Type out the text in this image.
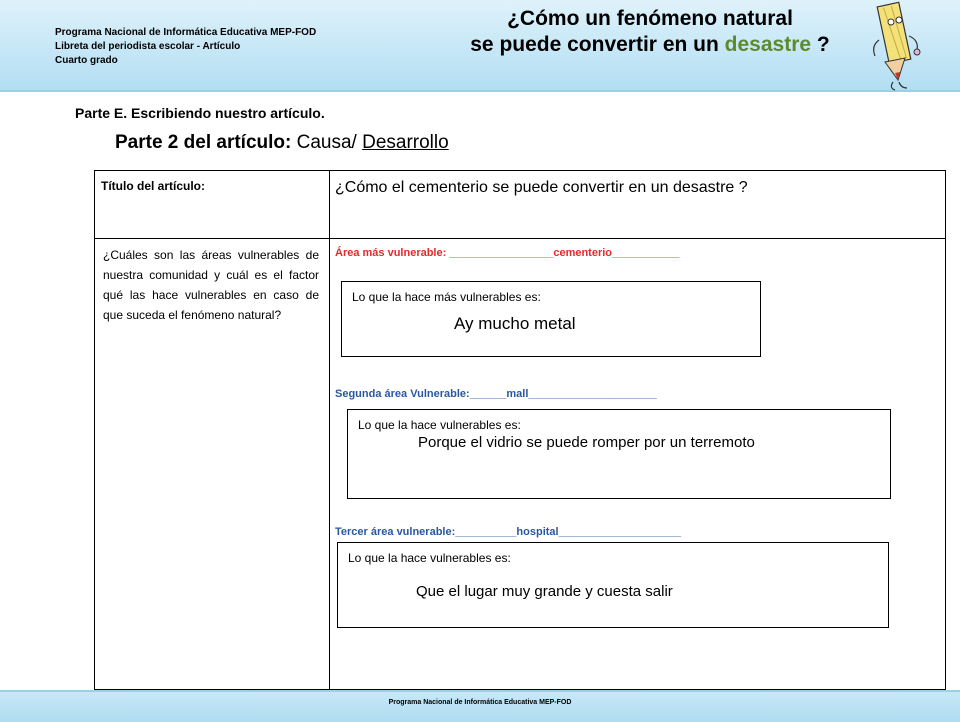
Programa Nacional de Informática Educativa MEP-FOD
Libreta del periodista escolar - Artículo
Cuarto grado
¿Cómo un fenómeno natural
se puede convertir en un desastre ?
Parte E. Escribiendo nuestro artículo.
Parte 2 del artículo: Causa/ Desarrollo
Título del artículo:	¿Cómo el cementerio se puede convertir en un desastre ?
¿Cuáles son las áreas vulnerables de nuestra comunidad y cuál es el factor qué las hace vulnerables en caso de que suceda el fenómeno natural?
Área más vulnerable: _________________cementerio___________
Lo que la hace más vulnerables es:
Ay mucho metal
Segunda área Vulnerable:______mall_____________________
Lo que la hace vulnerables es:
Porque el vidrio se puede romper por un terremoto
Tercer área vulnerable:__________hospital____________________
Lo que la hace vulnerables es:
Que el lugar muy grande y cuesta salir
Programa Nacional de Informática Educativa MEP-FOD
